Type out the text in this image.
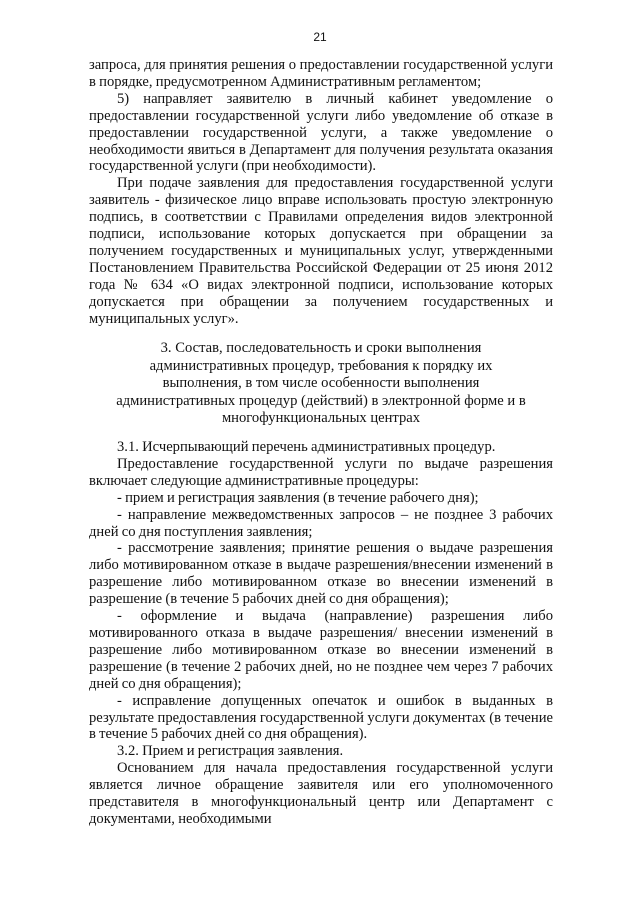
21

запроса, для принятия решения о предоставлении государственной услуги в порядке, предусмотренном Административным регламентом;

5) направляет заявителю в личный кабинет уведомление о предоставлении государственной услуги либо уведомление об отказе в предоставлении государственной услуги, а также уведомление о необходимости явиться в Департамент для получения результата оказания государственной услуги (при необходимости).

При подаче заявления для предоставления государственной услуги заявитель - физическое лицо вправе использовать простую электронную подпись, в соответствии с Правилами определения видов электронной подписи, использование которых допускается при обращении за получением государственных и муниципальных услуг, утвержденными Постановлением Правительства Российской Федерации от 25 июня 2012 года № 634 «О видах электронной подписи, использование которых допускается при обращении за получением государственных и муниципальных услуг».

3. Состав, последовательность и сроки выполнения
административных процедур, требования к порядку их
выполнения, в том числе особенности выполнения
административных процедур (действий) в электронной форме и в
многофункциональных центрах

3.1. Исчерпывающий перечень административных процедур.

Предоставление государственной услуги по выдаче разрешения включает следующие административные процедуры:

- прием и регистрация заявления (в течение рабочего дня);

- направление межведомственных запросов – не позднее 3 рабочих дней со дня поступления заявления;

- рассмотрение заявления; принятие решения о выдаче разрешения либо мотивированном отказе в выдаче разрешения/внесении изменений в разрешение либо мотивированном отказе во внесении изменений в разрешение (в течение 5 рабочих дней со дня обращения);

- оформление и выдача (направление) разрешения либо мотивированного отказа в выдаче разрешения/ внесении изменений в разрешение либо мотивированном отказе во внесении изменений в разрешение (в течение 2 рабочих дней, но не позднее чем через 7 рабочих дней со дня обращения);

- исправление допущенных опечаток и ошибок в выданных в результате предоставления государственной услуги документах (в течение в течение 5 рабочих дней со дня обращения).

3.2. Прием и регистрация заявления.

Основанием для начала предоставления государственной услуги является личное обращение заявителя или его уполномоченного представителя в многофункциональный центр или Департамент с документами, необходимыми
